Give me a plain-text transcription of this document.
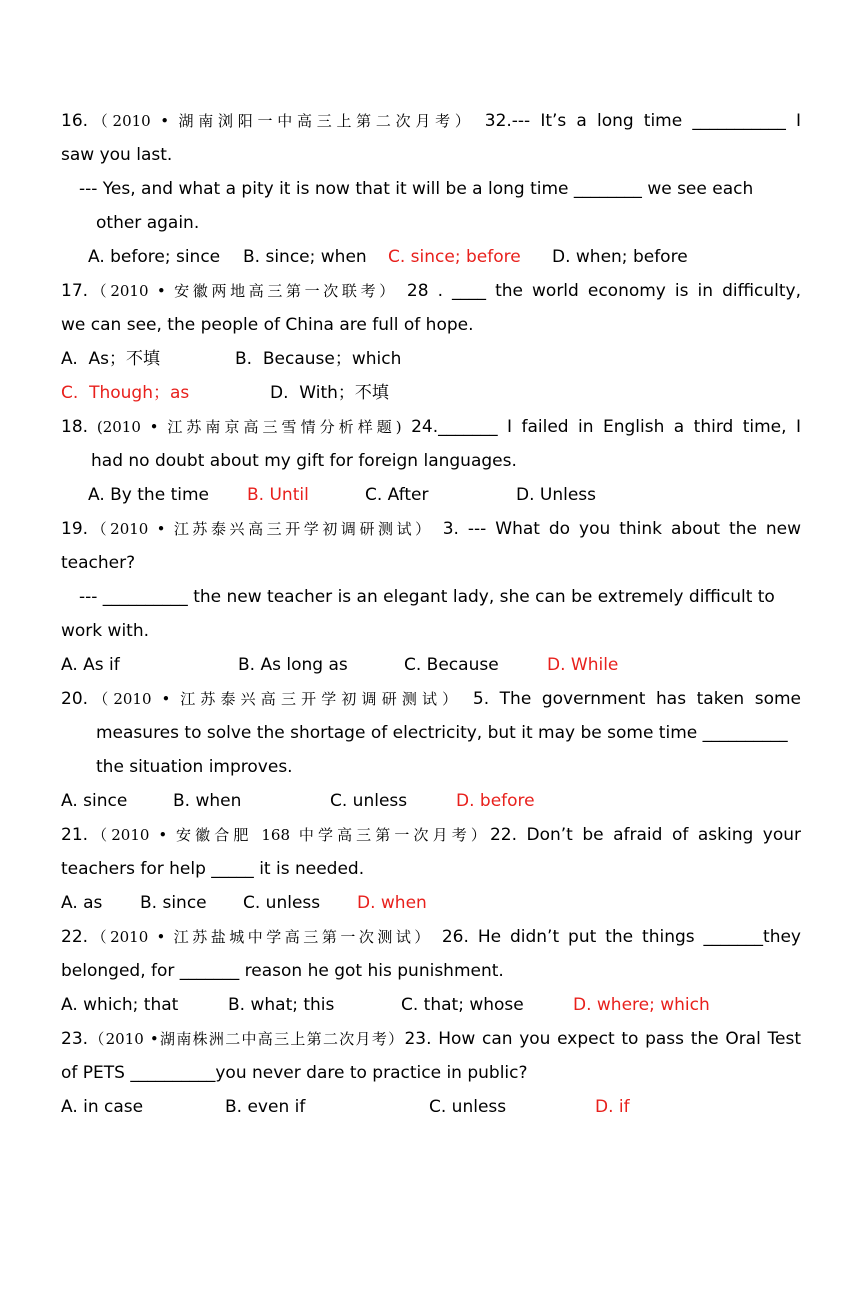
16.（2010 • 湖南浏阳一中高三上第二次月考） 32.--- It’s a long time ___________ I
saw you last.
--- Yes, and what a pity it is now that it will be a long time ________ we see each
other again.

A. before; since

B. since; when

C. since; before

D. when; before

17.（2010 • 安徽两地高三第一次联考） 28 . ____ the world economy is in difficulty,
we can see, the people of China are full of hope.

A.  As；不填

	B.  Because；which

C.  Though；as

	D.  With；不填

18. (2010 • 江苏南京高三雪情分析样题) 24._______ I failed in English a third time, I
had no doubt about my gift for foreign languages.

A. By the time

B. Until

	C. After

	D. Unless

19.（2010 • 江苏泰兴高三开学初调研测试） 3. --- What do you think about the new
teacher?
--- __________ the new teacher is an elegant lady, she can be extremely difficult to
work with.

A. As if

	B. As long as

	C. Because

	D. While

20.（2010 • 江苏泰兴高三开学初调研测试） 5. The government has taken some
measures to solve the shortage of electricity, but it may be some time __________
the situation improves.

A. since

	B. when

	C. unless

	D. before

21.（2010 • 安徽合肥 168 中学高三第一次月考）22. Don’t be afraid of asking your
teachers for help _____ it is needed.

A. as

B. since

C. unless

D. when

22.（2010 • 江苏盐城中学高三第一次测试） 26. He didn’t put the things _______they
belonged, for _______ reason he got his punishment.

A. which; that

	B. what; this

	C. that; whose

	D. where; which

23.（2010 •湖南株洲二中高三上第二次月考）23. How can you expect to pass the Oral Test
of PETS __________you never dare to practice in public?

A. in case

	B. even if

	C. unless

	D. if
